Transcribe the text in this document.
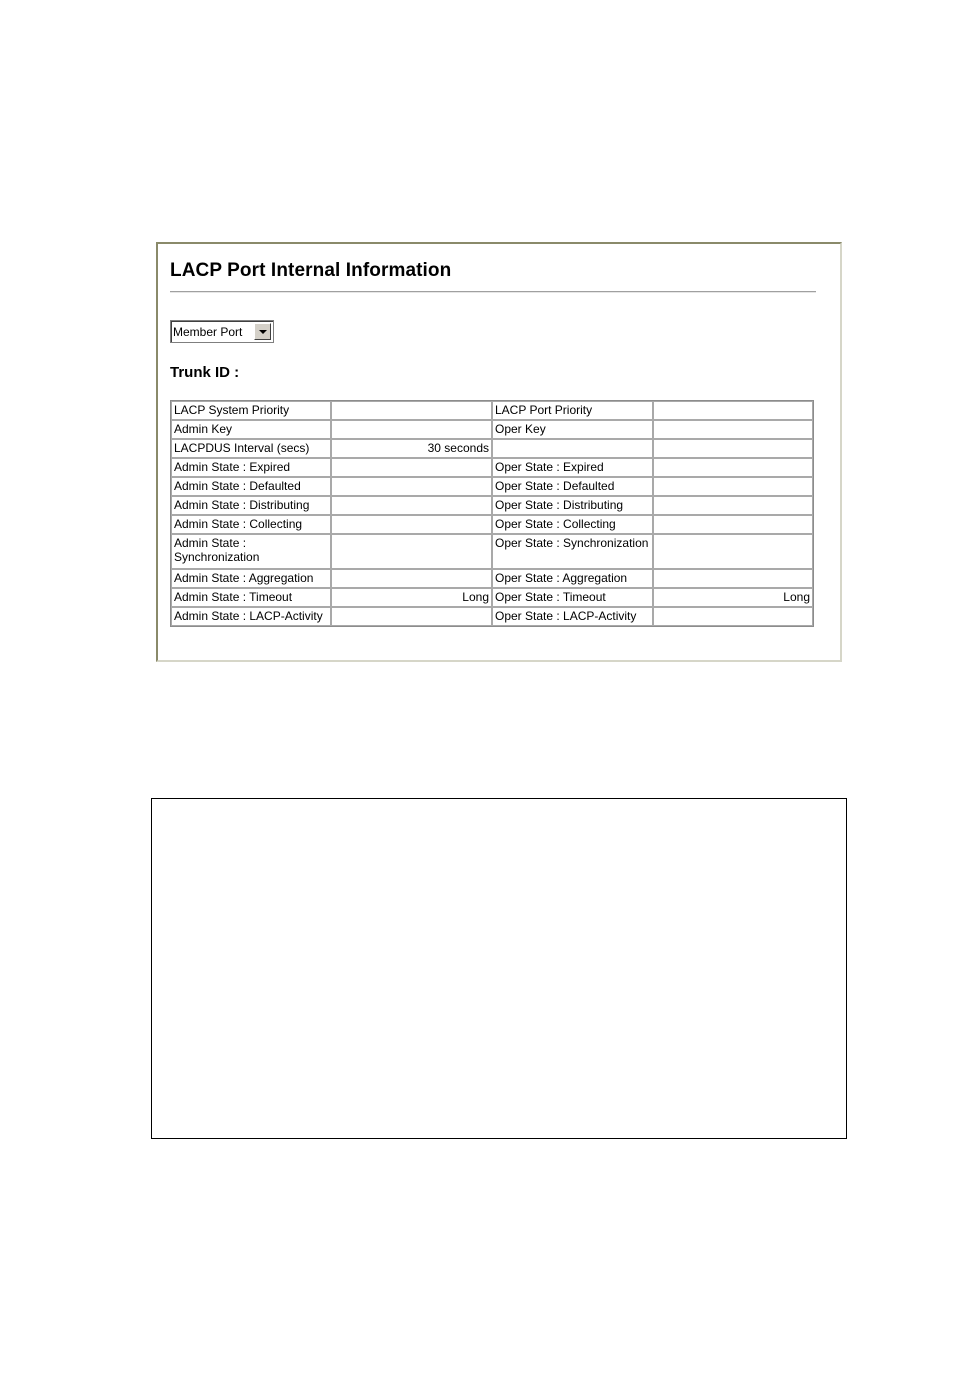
LACP Port Internal Information
Member Port
Trunk ID :
LACP System Priority		LACP Port Priority	
Admin Key		Oper Key	
LACPDUS Interval (secs)	30 seconds		
Admin State : Expired		Oper State : Expired	
Admin State : Defaulted		Oper State : Defaulted	
Admin State : Distributing		Oper State : Distributing	
Admin State : Collecting		Oper State : Collecting	
Admin State : Synchronization		Oper State : Synchronization	
Admin State : Aggregation		Oper State : Aggregation	
Admin State : Timeout	Long	Oper State : Timeout	Long
Admin State : LACP-Activity		Oper State : LACP-Activity	
